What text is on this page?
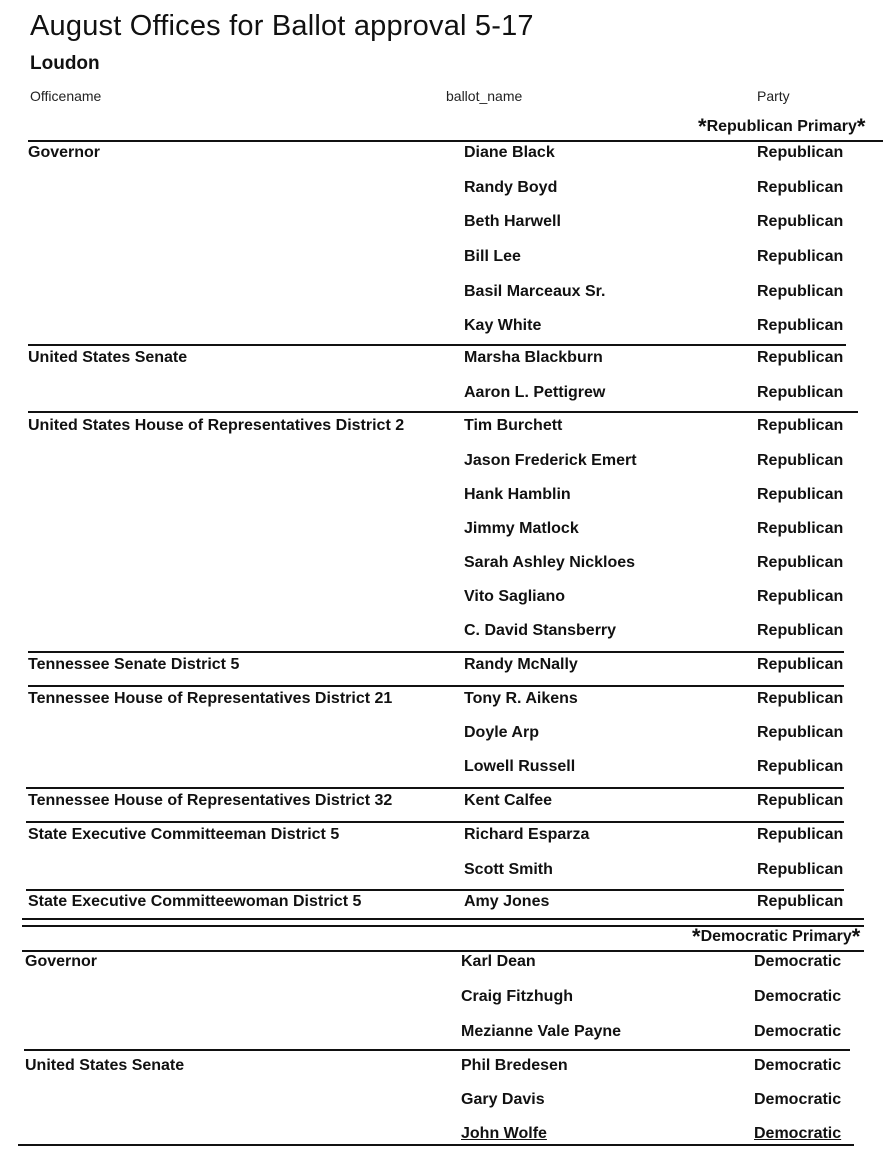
August Offices for Ballot approval 5-17
Loudon
Officename	ballot_name	Party
*Republican Primary*
Governor	Diane Black	Republican
Randy Boyd	Republican
Beth Harwell	Republican
Bill Lee	Republican
Basil Marceaux Sr.	Republican
Kay White	Republican
United States Senate	Marsha Blackburn	Republican
Aaron L. Pettigrew	Republican
United States House of Representatives District 2	Tim Burchett	Republican
Jason Frederick Emert	Republican
Hank Hamblin	Republican
Jimmy Matlock	Republican
Sarah Ashley Nickloes	Republican
Vito Sagliano	Republican
C. David Stansberry	Republican
Tennessee Senate District 5	Randy McNally	Republican
Tennessee House of Representatives District 21	Tony R. Aikens	Republican
Doyle Arp	Republican
Lowell Russell	Republican
Tennessee House of Representatives District 32	Kent Calfee	Republican
State Executive Committeeman District 5	Richard Esparza	Republican
Scott Smith	Republican
State Executive Committeewoman District 5	Amy Jones	Republican
*Democratic Primary*
Governor	Karl Dean	Democratic
Craig Fitzhugh	Democratic
Mezianne Vale Payne	Democratic
United States Senate	Phil Bredesen	Democratic
Gary Davis	Democratic
John Wolfe	Democratic
